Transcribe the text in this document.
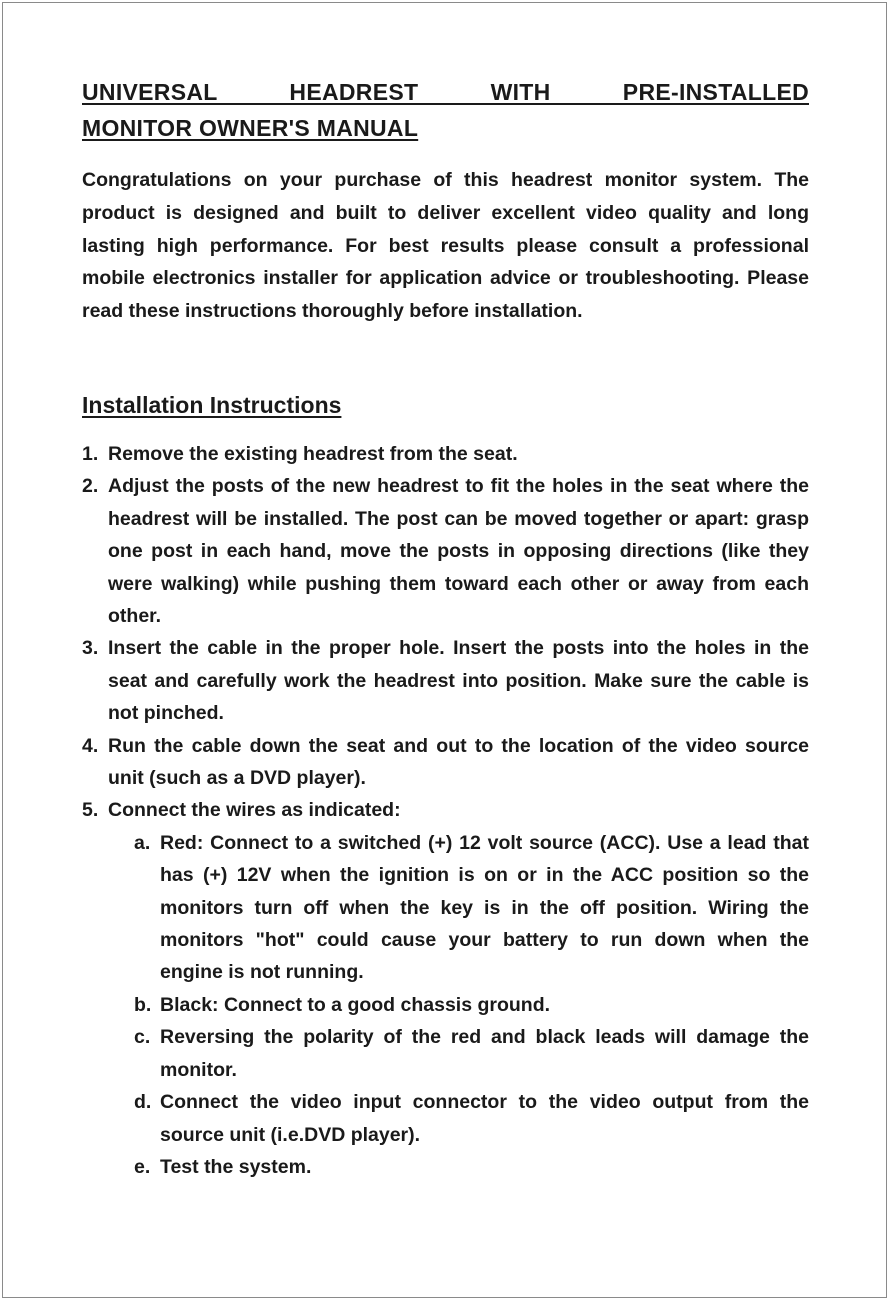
UNIVERSAL HEADREST WITH PRE-INSTALLED
MONITOR OWNER'S MANUAL

Congratulations on your purchase of this headrest monitor system. The product is designed and built to deliver excellent video quality and long lasting high performance. For best results please consult a professional mobile electronics installer for application advice or troubleshooting. Please read these instructions thoroughly before installation.

Installation Instructions
1. Remove the existing headrest from the seat.
2. Adjust the posts of the new headrest to fit the holes in the seat where the headrest will be installed. The post can be moved together or apart: grasp one post in each hand, move the posts in opposing directions (like they were walking) while pushing them toward each other or away from each other.
3. Insert the cable in the proper hole. Insert the posts into the holes in the seat and carefully work the headrest into position. Make sure the cable is not pinched.
4. Run the cable down the seat and out to the location of the video source unit (such as a DVD player).
5. Connect the wires as indicated:
a. Red: Connect to a switched (+) 12 volt source (ACC). Use a lead that has (+) 12V when the ignition is on or in the ACC position so the monitors turn off when the key is in the off position. Wiring the monitors "hot" could cause your battery to run down when the engine is not running.
b. Black: Connect to a good chassis ground.
c. Reversing the polarity of the red and black leads will damage the monitor.
d. Connect the video input connector to the video output from the source unit (i.e.DVD player).
e. Test the system.
